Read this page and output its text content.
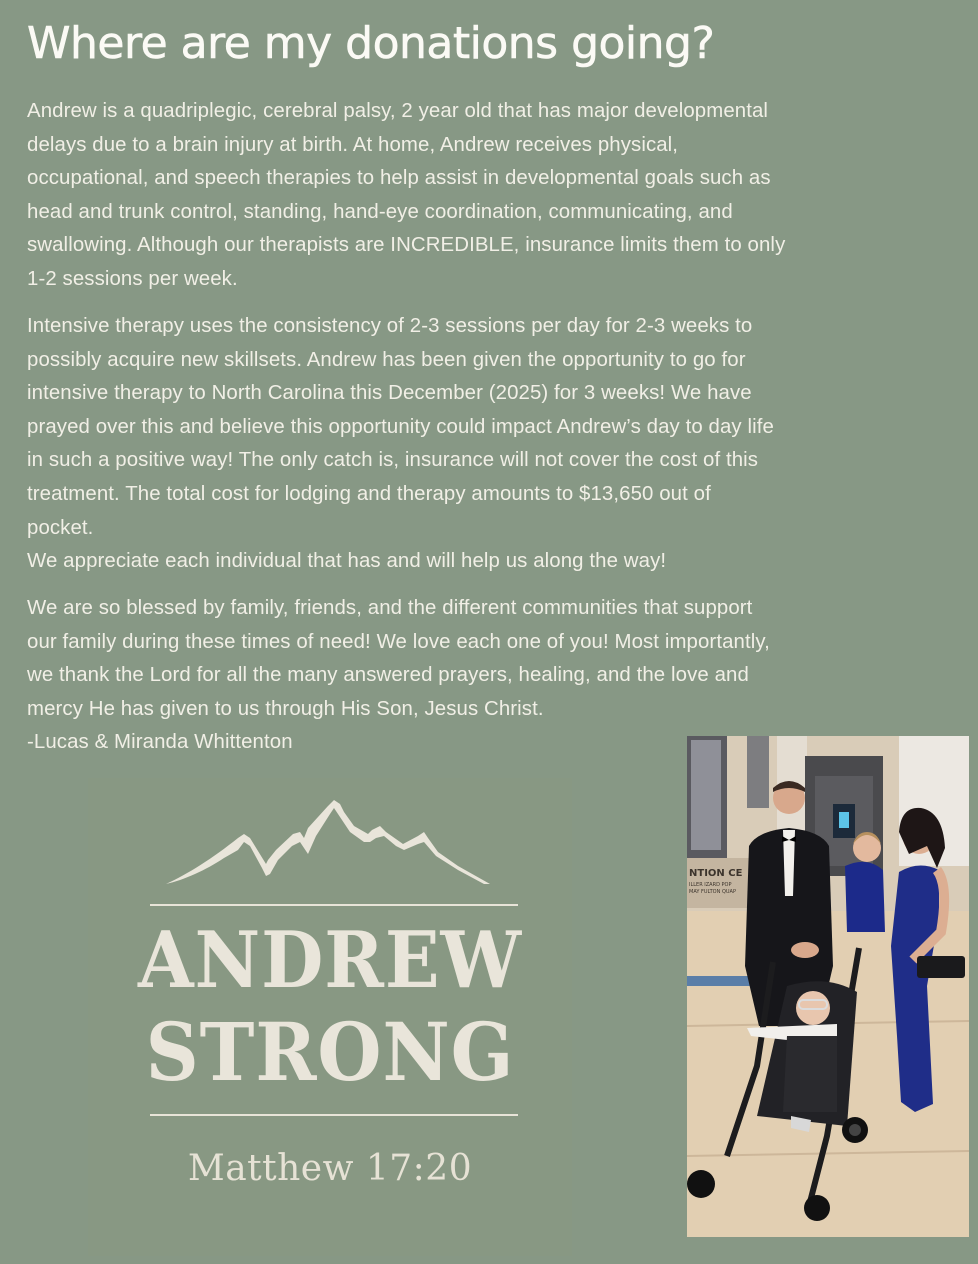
Where are my donations going?
Andrew is a quadriplegic, cerebral palsy, 2 year old that has major developmental
delays due to a brain injury at birth. At home, Andrew receives physical,
occupational, and speech therapies to help assist in developmental goals such as
head and trunk control, standing, hand-eye coordination, communicating, and
swallowing. Although our therapists are INCREDIBLE, insurance limits them to only
1-2 sessions per week.
Intensive therapy uses the consistency of 2-3 sessions per day for 2-3 weeks to
possibly acquire new skillsets. Andrew has been given the opportunity to go for
intensive therapy to North Carolina this December (2025) for 3 weeks! We have
prayed over this and believe this opportunity could impact Andrew’s day to day life
in such a positive way! The only catch is, insurance will not cover the cost of this
treatment. The total cost for lodging and therapy amounts to $13,650 out of
pocket.
We appreciate each individual that has and will help us along the way!
We are so blessed by family, friends, and the different communities that support
our family during these times of need! We love each one of you! Most importantly,
we thank the Lord for all the many answered prayers, healing, and the love and
mercy He has given to us through His Son, Jesus Christ.
-Lucas & Miranda Whittenton
ANDREW
STRONG
Matthew 17:20
NTION CE
ILLER IZARD POP
MAY FULTON QUAP
